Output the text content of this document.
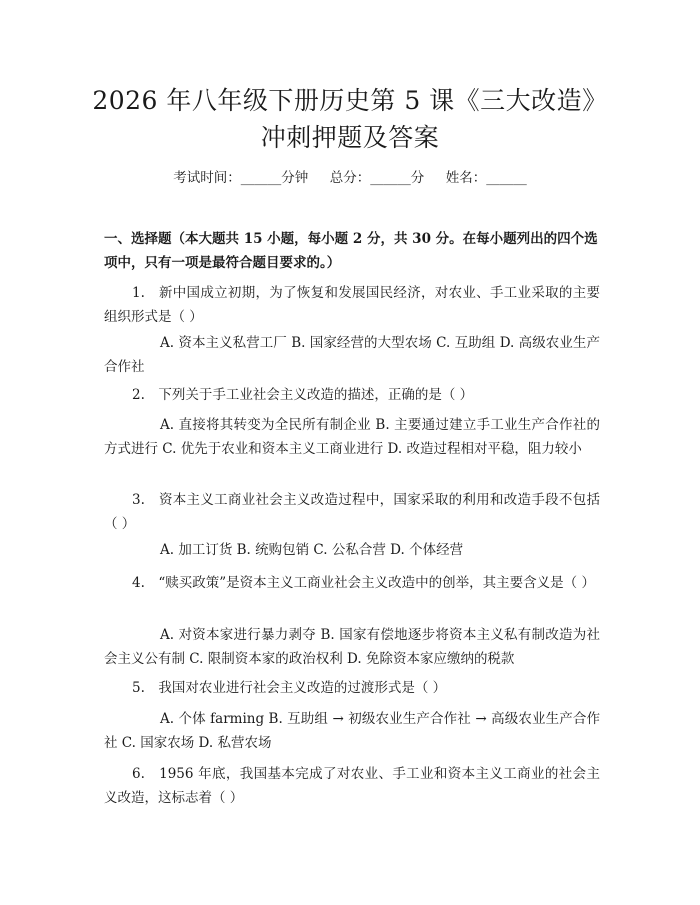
2026 年八年级下册历史第 5 课《三大改造》
冲刺押题及答案
考试时间：______分钟     总分：______分     姓名：______
一、选择题（本大题共 15 小题，每小题 2 分，共 30 分。在每小题列出的四个选项中，只有一项是最符合题目要求的。）
1.　新中国成立初期，为了恢复和发展国民经济，对农业、手工业采取的主要组织形式是（ ）
A. 资本主义私营工厂 B. 国家经营的大型农场 C. 互助组 D. 高级农业生产合作社
2.　下列关于手工业社会主义改造的描述，正确的是（ ）
A. 直接将其转变为全民所有制企业 B. 主要通过建立手工业生产合作社的方式进行 C. 优先于农业和资本主义工商业进行 D. 改造过程相对平稳，阻力较小
3.　资本主义工商业社会主义改造过程中，国家采取的利用和改造手段不包括（ ）
A. 加工订货 B. 统购包销 C. 公私合营 D. 个体经营
4.　“赎买政策”是资本主义工商业社会主义改造中的创举，其主要含义是（ ）
A. 对资本家进行暴力剥夺 B. 国家有偿地逐步将资本主义私有制改造为社会主义公有制 C. 限制资本家的政治权利 D. 免除资本家应缴纳的税款
5.　我国对农业进行社会主义改造的过渡形式是（ ）
A. 个体 farming B. 互助组 → 初级农业生产合作社 → 高级农业生产合作社 C. 国家农场 D. 私营农场
6.　1956 年底，我国基本完成了对农业、手工业和资本主义工商业的社会主义改造，这标志着（ ）
